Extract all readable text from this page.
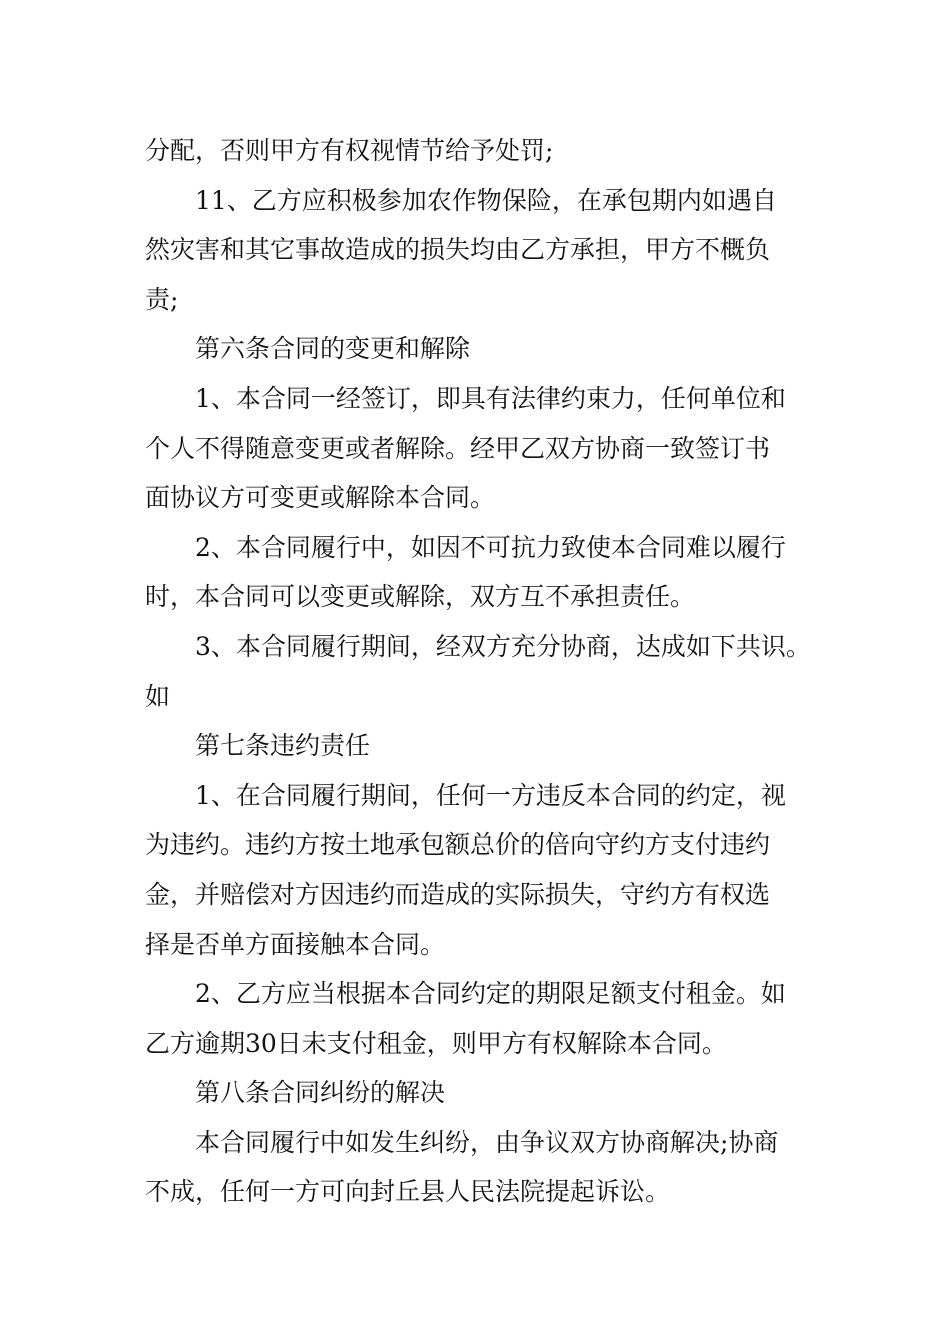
分配，否则甲方有权视情节给予处罚;
11、乙方应积极参加农作物保险，在承包期内如遇自
然灾害和其它事故造成的损失均由乙方承担，甲方不概负
责;
第六条合同的变更和解除
1、本合同一经签订，即具有法律约束力，任何单位和
个人不得随意变更或者解除。经甲乙双方协商一致签订书
面协议方可变更或解除本合同。
2、本合同履行中，如因不可抗力致使本合同难以履行
时，本合同可以变更或解除，双方互不承担责任。
3、本合同履行期间，经双方充分协商，达成如下共识。
如
第七条违约责任
1、在合同履行期间，任何一方违反本合同的约定，视
为违约。违约方按土地承包额总价的倍向守约方支付违约
金，并赔偿对方因违约而造成的实际损失，守约方有权选
择是否单方面接触本合同。
2、乙方应当根据本合同约定的期限足额支付租金。如
乙方逾期30日未支付租金，则甲方有权解除本合同。
第八条合同纠纷的解决
本合同履行中如发生纠纷，由争议双方协商解决;协商
不成，任何一方可向封丘县人民法院提起诉讼。
